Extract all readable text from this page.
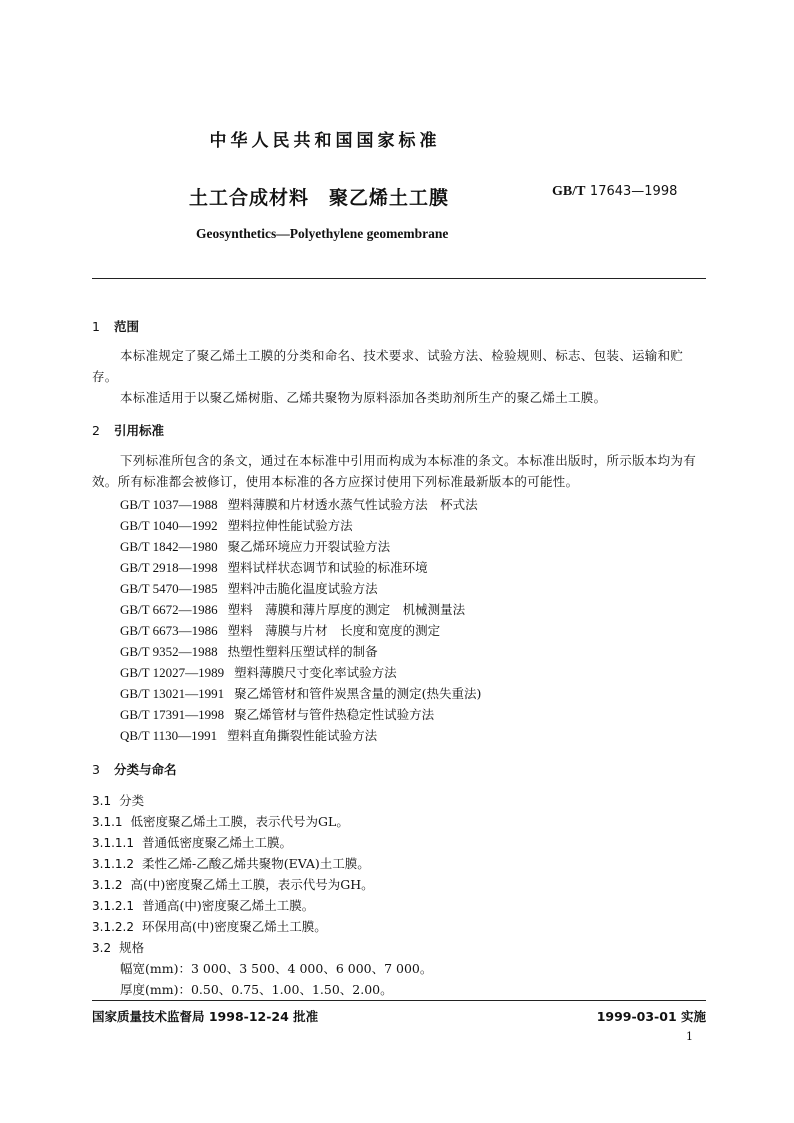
中华人民共和国国家标准
土工合成材料　聚乙烯土工膜	GB/T 17643—1998
Geosynthetics—Polyethylene geomembrane
1 范围
本标准规定了聚乙烯土工膜的分类和命名、技术要求、试验方法、检验规则、标志、包装、运输和贮存。
本标准适用于以聚乙烯树脂、乙烯共聚物为原料添加各类助剂所生产的聚乙烯土工膜。
2 引用标准
下列标准所包含的条文，通过在本标准中引用而构成为本标准的条文。本标准出版时，所示版本均为有效。所有标准都会被修订，使用本标准的各方应探讨使用下列标准最新版本的可能性。
GB/T 1037—1988 塑料薄膜和片材透水蒸气性试验方法　杯式法
GB/T 1040—1992 塑料拉伸性能试验方法
GB/T 1842—1980 聚乙烯环境应力开裂试验方法
GB/T 2918—1998 塑料试样状态调节和试验的标准环境
GB/T 5470—1985 塑料冲击脆化温度试验方法
GB/T 6672—1986 塑料　薄膜和薄片厚度的测定　机械测量法
GB/T 6673—1986 塑料　薄膜与片材　长度和宽度的测定
GB/T 9352—1988 热塑性塑料压塑试样的制备
GB/T 12027—1989 塑料薄膜尺寸变化率试验方法
GB/T 13021—1991 聚乙烯管材和管件炭黑含量的测定(热失重法)
GB/T 17391—1998 聚乙烯管材与管件热稳定性试验方法
QB/T 1130—1991 塑料直角撕裂性能试验方法
3 分类与命名
3.1 分类
3.1.1 低密度聚乙烯土工膜，表示代号为GL。
3.1.1.1 普通低密度聚乙烯土工膜。
3.1.1.2 柔性乙烯-乙酸乙烯共聚物(EVA)土工膜。
3.1.2 高(中)密度聚乙烯土工膜，表示代号为GH。
3.1.2.1 普通高(中)密度聚乙烯土工膜。
3.1.2.2 环保用高(中)密度聚乙烯土工膜。
3.2 规格
幅宽(mm)：3 000、3 500、4 000、6 000、7 000。
厚度(mm)：0.50、0.75、1.00、1.50、2.00。
国家质量技术监督局 1998-12-24 批准	1999-03-01 实施
1
